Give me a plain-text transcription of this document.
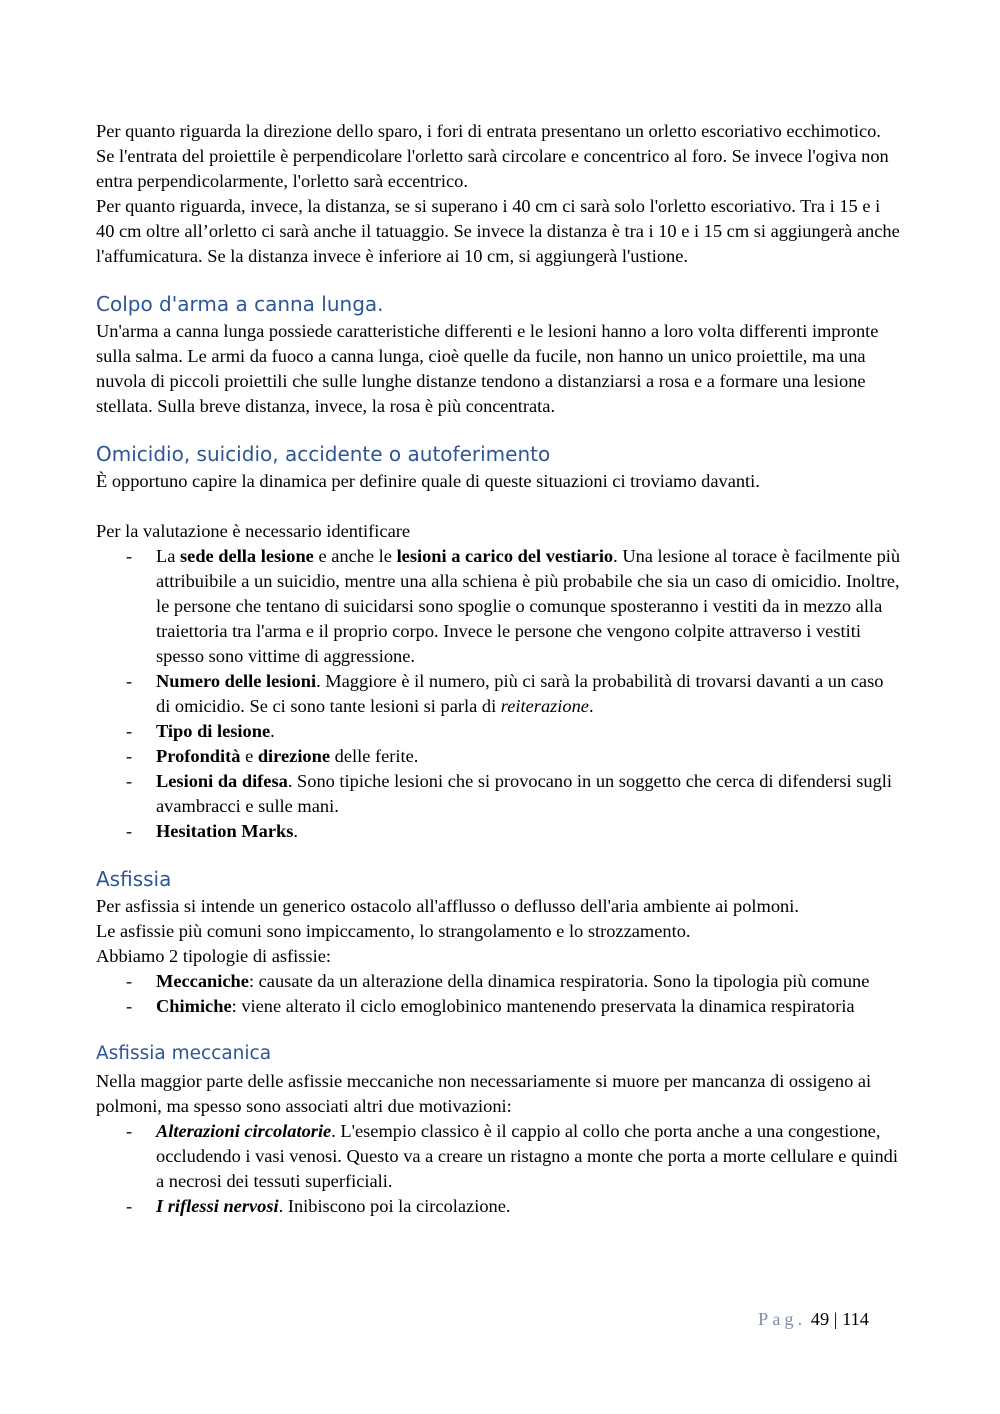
Per quanto riguarda la direzione dello sparo, i fori di entrata presentano un orletto escoriativo ecchimotico. Se l'entrata del proiettile è perpendicolare l'orletto sarà circolare e concentrico al foro. Se invece l'ogiva non entra perpendicolarmente, l'orletto sarà eccentrico.

Per quanto riguarda, invece, la distanza, se si superano i 40 cm ci sarà solo l'orletto escoriativo. Tra i 15 e i 40 cm oltre all’orletto ci sarà anche il tatuaggio. Se invece la distanza è tra i 10 e i 15 cm si aggiungerà anche l'affumicatura. Se la distanza invece è inferiore ai 10 cm, si aggiungerà l'ustione.

Colpo d'arma a canna lunga.

Un'arma a canna lunga possiede caratteristiche differenti e le lesioni hanno a loro volta differenti impronte sulla salma. Le armi da fuoco a canna lunga, cioè quelle da fucile, non hanno un unico proiettile, ma una nuvola di piccoli proiettili che sulle lunghe distanze tendono a distanziarsi a rosa e a formare una lesione stellata. Sulla breve distanza, invece, la rosa è più concentrata.

Omicidio, suicidio, accidente o autoferimento

È opportuno capire la dinamica per definire quale di queste situazioni ci troviamo davanti.

Per la valutazione è necessario identificare

- La sede della lesione e anche le lesioni a carico del vestiario. Una lesione al torace è facilmente più attribuibile a un suicidio, mentre una alla schiena è più probabile che sia un caso di omicidio. Inoltre, le persone che tentano di suicidarsi sono spoglie o comunque sposteranno i vestiti da in mezzo alla traiettoria tra l'arma e il proprio corpo. Invece le persone che vengono colpite attraverso i vestiti spesso sono vittime di aggressione.
- Numero delle lesioni. Maggiore è il numero, più ci sarà la probabilità di trovarsi davanti a un caso di omicidio. Se ci sono tante lesioni si parla di reiterazione.
- Tipo di lesione.
- Profondità e direzione delle ferite.
- Lesioni da difesa. Sono tipiche lesioni che si provocano in un soggetto che cerca di difendersi sugli avambracci e sulle mani.
- Hesitation Marks.
Asfissia

Per asfissia si intende un generico ostacolo all'afflusso o deflusso dell'aria ambiente ai polmoni.

Le asfissie più comuni sono impiccamento, lo strangolamento e lo strozzamento.

Abbiamo 2 tipologie di asfissie:

- Meccaniche: causate da un alterazione della dinamica respiratoria. Sono la tipologia più comune
- Chimiche: viene alterato il ciclo emoglobinico mantenendo preservata la dinamica respiratoria
Asfissia meccanica

Nella maggior parte delle asfissie meccaniche non necessariamente si muore per mancanza di ossigeno ai polmoni, ma spesso sono associati altri due motivazioni:

- Alterazioni circolatorie. L'esempio classico è il cappio al collo che porta anche a una congestione, occludendo i vasi venosi. Questo va a creare un ristagno a monte che porta a morte cellulare e quindi a necrosi dei tessuti superficiali.
- I riflessi nervosi. Inibiscono poi la circolazione.
Pag. 49 | 114
